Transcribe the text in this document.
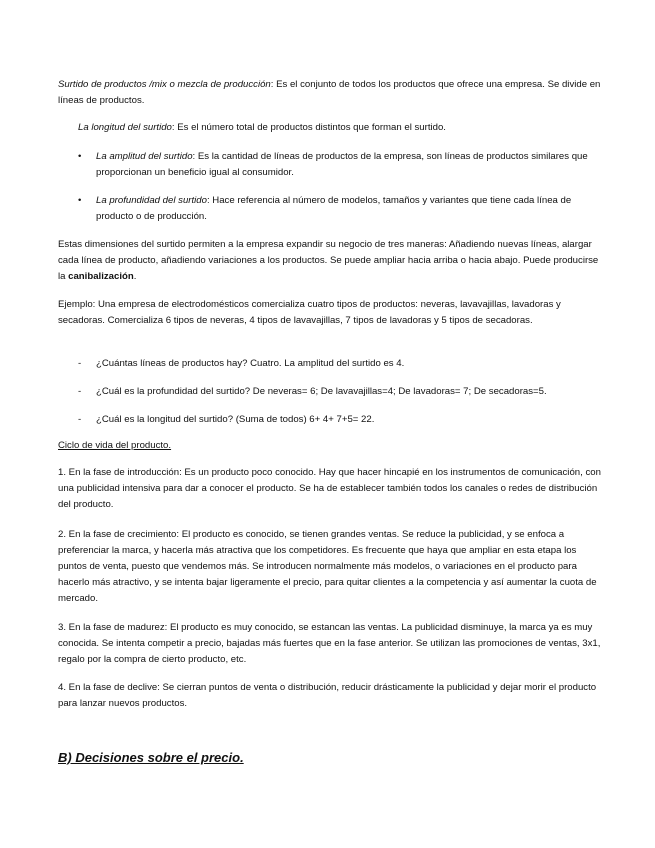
Surtido de productos /mix o mezcla de producción: Es el conjunto de todos los productos que ofrece una empresa. Se divide en líneas de productos.

La longitud del surtido: Es el número total de productos distintos que forman el surtido.

•	La amplitud del surtido: Es la cantidad de líneas de productos de la empresa, son líneas de productos similares que proporcionan un beneficio igual al consumidor.

•	La profundidad del surtido: Hace referencia al número de modelos, tamaños y variantes que tiene cada línea de producto o de producción.

Estas dimensiones del surtido permiten a la empresa expandir su negocio de tres maneras: Añadiendo nuevas líneas, alargar cada línea de producto, añadiendo variaciones a los productos. Se puede ampliar hacia arriba o hacia abajo. Puede producirse la canibalización.

Ejemplo: Una empresa de electrodomésticos comercializa cuatro tipos de productos: neveras, lavavajillas, lavadoras y secadoras. Comercializa 6 tipos de neveras, 4 tipos de lavavajillas, 7 tipos de lavadoras y 5 tipos de secadoras.

-	¿Cuántas líneas de productos hay? Cuatro. La amplitud del surtido es 4.

-	¿Cuál es la profundidad del surtido? De neveras= 6; De lavavajillas=4; De lavadoras= 7; De secadoras=5.

-	¿Cuál es la longitud del surtido? (Suma de todos) 6+ 4+ 7+5= 22.

Ciclo de vida del producto.

1. En la fase de introducción: Es un producto poco conocido. Hay que hacer hincapié en los instrumentos de comunicación, con una publicidad intensiva para dar a conocer el producto. Se ha de establecer también todos los canales o redes de distribución del producto.

2. En la fase de crecimiento: El producto es conocido, se tienen grandes ventas. Se reduce la publicidad, y se enfoca a preferenciar la marca, y hacerla más atractiva que los competidores. Es frecuente que haya que ampliar en esta etapa los puntos de venta, puesto que vendemos más. Se introducen normalmente más modelos, o variaciones en el producto para hacerlo más atractivo, y se intenta bajar ligeramente el precio, para quitar clientes a la competencia y así aumentar la cuota de mercado.

3. En la fase de madurez: El producto es muy conocido, se estancan las ventas. La publicidad disminuye, la marca ya es muy conocida. Se intenta competir a precio, bajadas más fuertes que en la fase anterior. Se utilizan las promociones de ventas, 3x1, regalo por la compra de cierto producto, etc.

4. En la fase de declive: Se cierran puntos de venta o distribución, reducir drásticamente la publicidad y dejar morir el producto para lanzar nuevos productos.

B) Decisiones sobre el precio.
